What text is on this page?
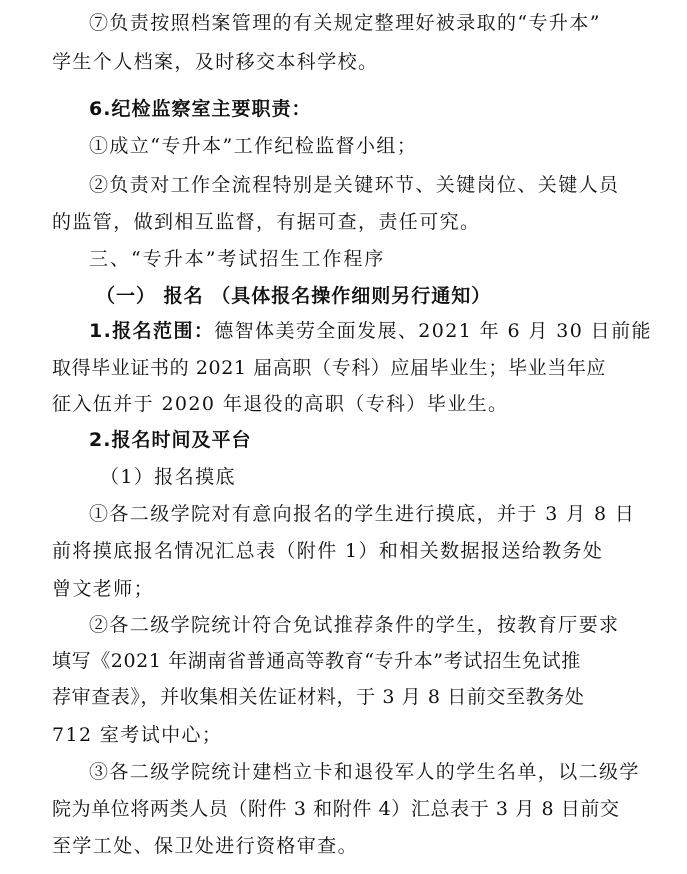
⑦负责按照档案管理的有关规定整理好被录取的“专升本”
学生个人档案，及时移交本科学校。
6.纪检监察室主要职责：
①成立“专升本”工作纪检监督小组；
②负责对工作全流程特别是关键环节、关键岗位、关键人员
的监管，做到相互监督，有据可查，责任可究。
三、“专升本”考试招生工作程序
（一） 报名 （具体报名操作细则另行通知）
1.报名范围：德智体美劳全面发展、2021 年 6 月 30 日前能
取得毕业证书的 2021 届高职（专科）应届毕业生；毕业当年应
征入伍并于 2020 年退役的高职（专科）毕业生。
2.报名时间及平台
（1）报名摸底
①各二级学院对有意向报名的学生进行摸底，并于 3 月 8 日
前将摸底报名情况汇总表（附件 1）和相关数据报送给教务处
曾文老师；
②各二级学院统计符合免试推荐条件的学生，按教育厅要求
填写《2021 年湖南省普通高等教育“专升本”考试招生免试推
荐审查表》，并收集相关佐证材料，于 3 月 8 日前交至教务处
712 室考试中心；
③各二级学院统计建档立卡和退役军人的学生名单，以二级学
院为单位将两类人员（附件 3 和附件 4）汇总表于 3 月 8 日前交
至学工处、保卫处进行资格审查。
